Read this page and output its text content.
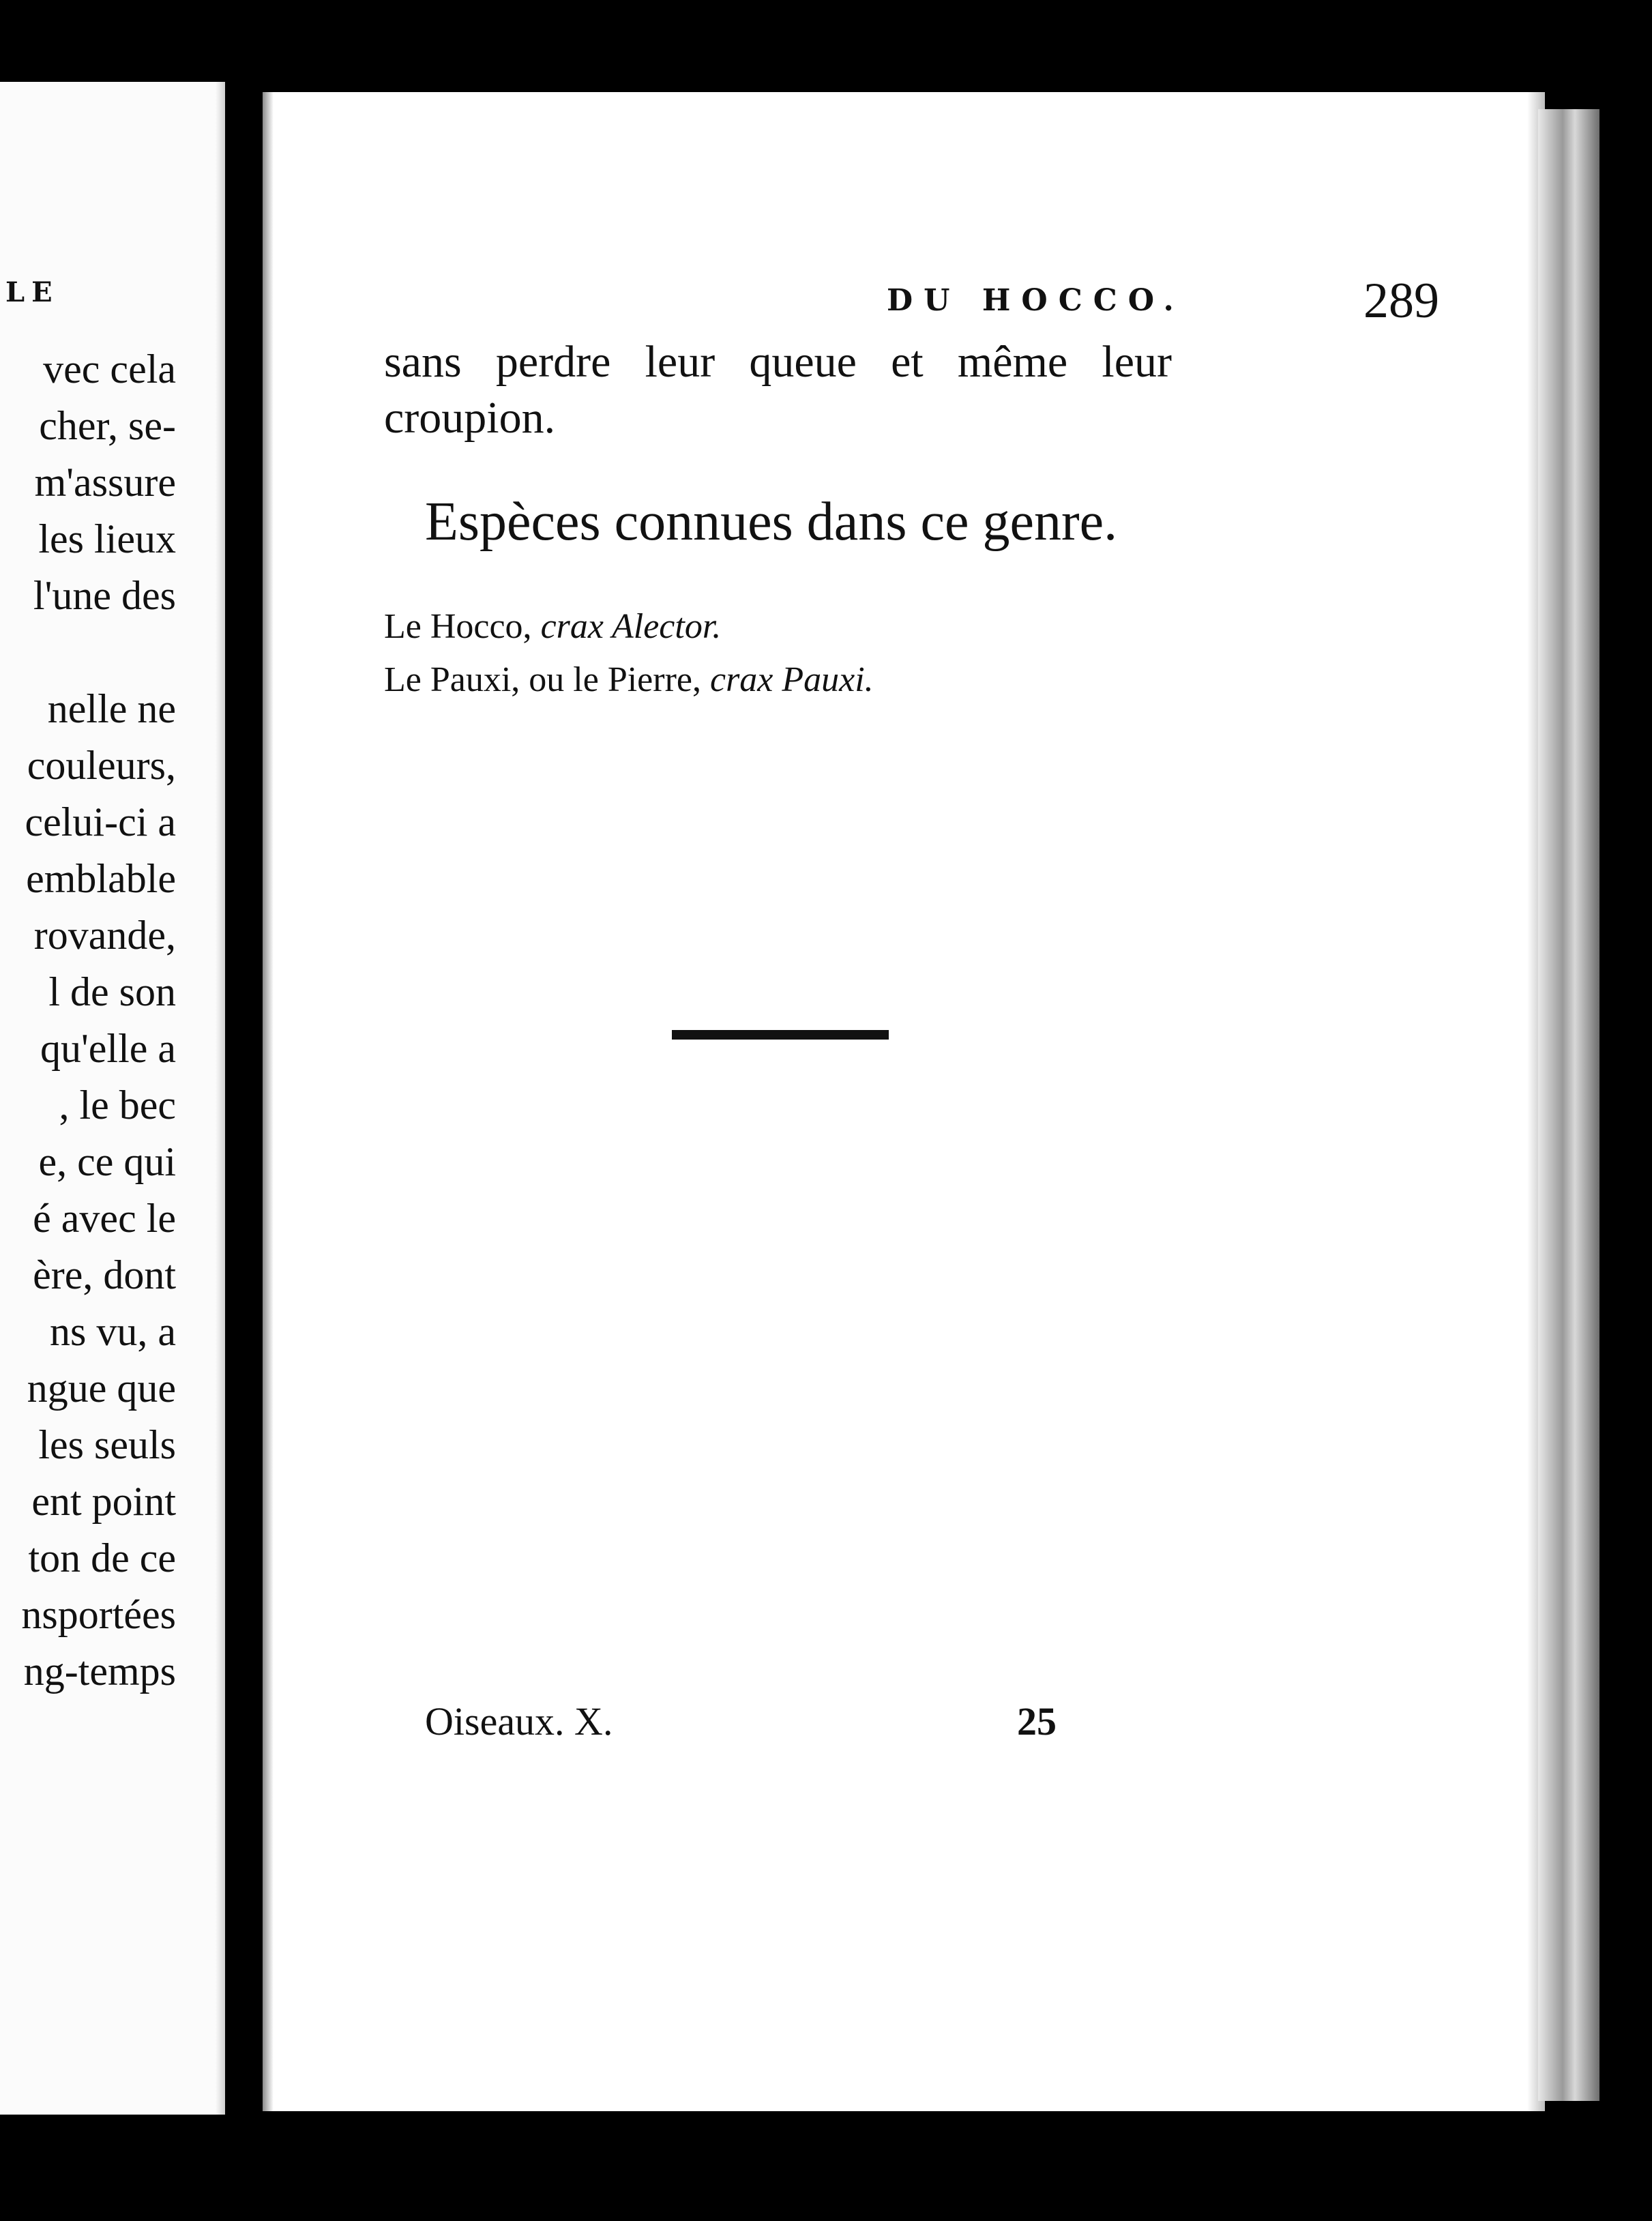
LE
vec cela
cher, se-
m'assure
les lieux
l'une des
nelle ne
couleurs,
celui-ci a
emblable
rovande,
l de son
qu'elle a
, le bec
e, ce qui
é avec le
ère, dont
ns vu, a
ngue que
les seuls
ent point
ton de ce
nsportées
ng-temps
DU HOCCO.	289
sans perdre leur queue et même leur
croupion.
Espèces connues dans ce genre.
Le Hocco, crax Alector.
Le Pauxi, ou le Pierre, crax Pauxi.
Oiseaux. X.	25
